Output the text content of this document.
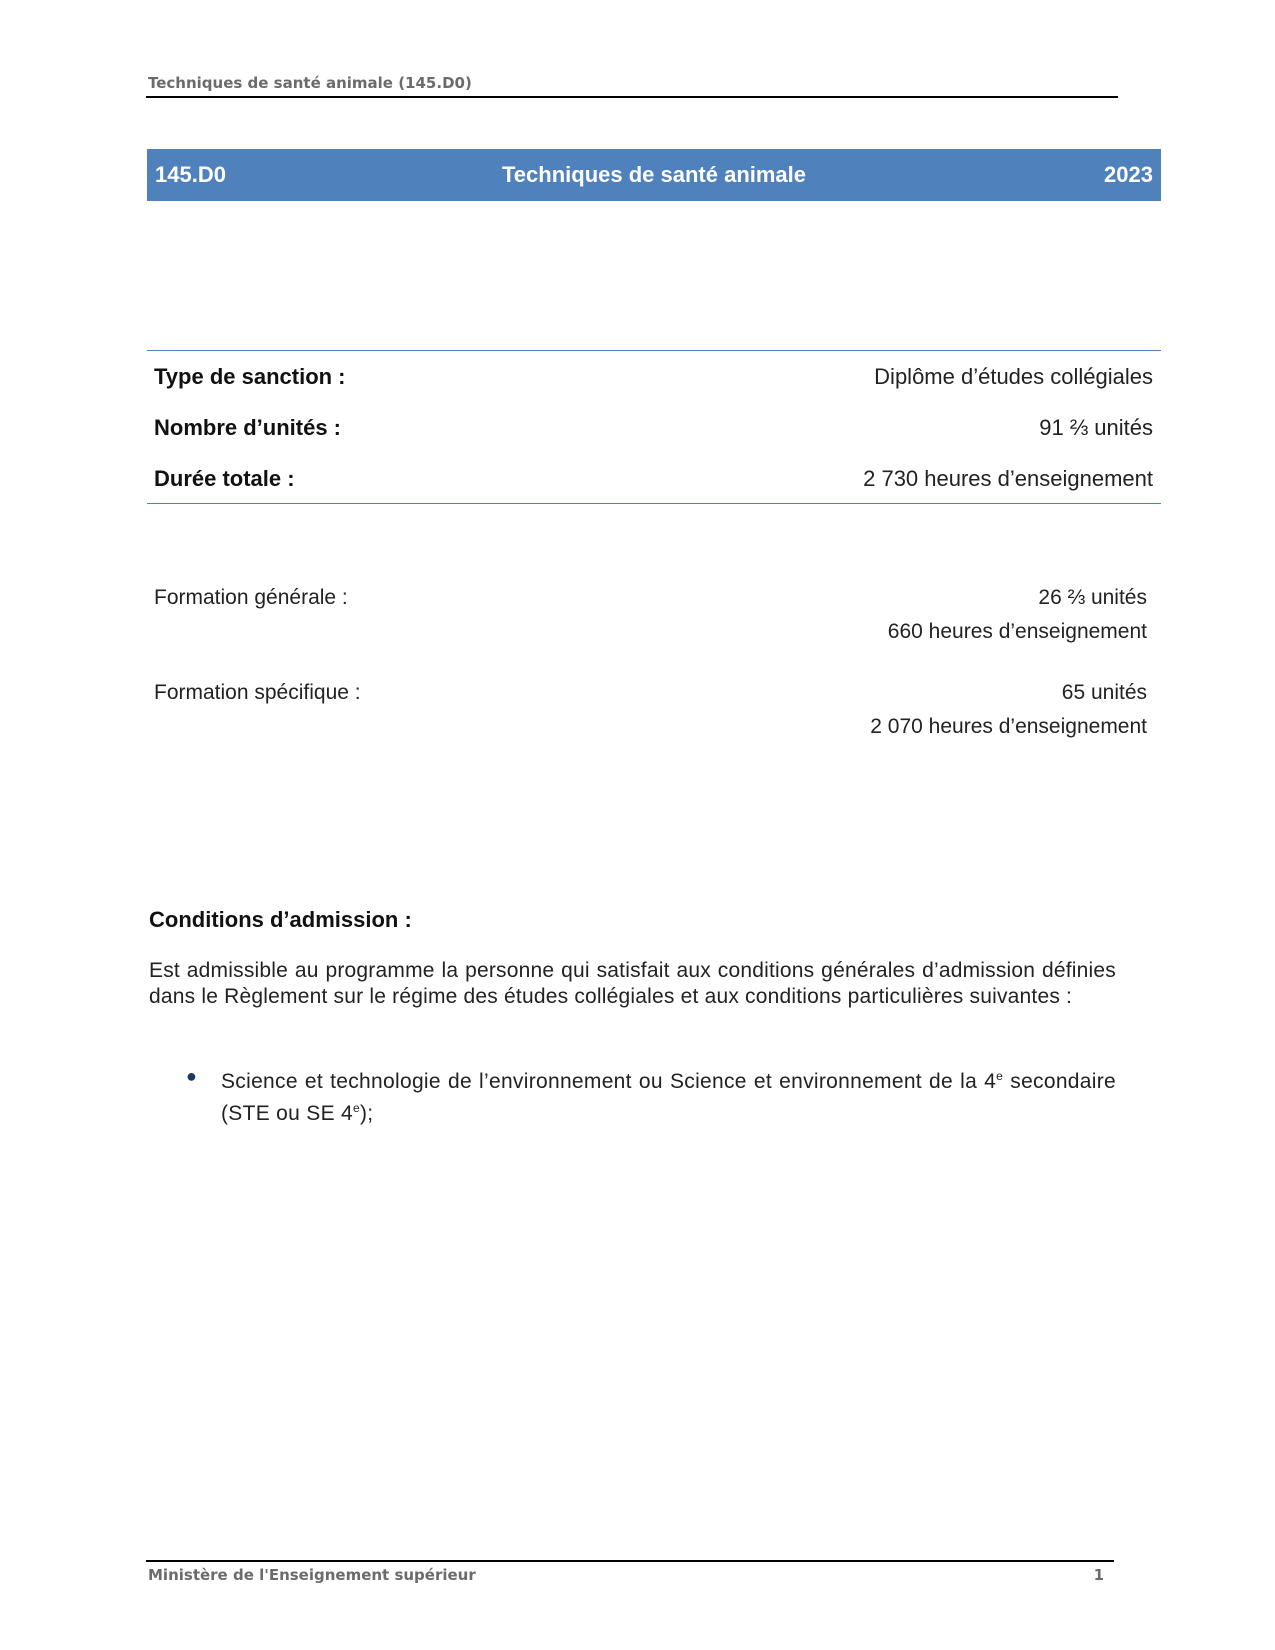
Techniques de santé animale (145.D0)
145.D0	Techniques de santé animale	2023
Type de sanction :	Diplôme d’études collégiales
Nombre d’unités :	91 ⅔ unités
Durée totale :	2 730 heures d’enseignement
Formation générale :	26 ⅔ unités
660 heures d’enseignement
Formation spécifique :	65 unités
2 070 heures d’enseignement
Conditions d’admission :
Est admissible au programme la personne qui satisfait aux conditions générales d’admission définies dans le Règlement sur le régime des études collégiales et aux conditions particulières suivantes :
● Science et technologie de l’environnement ou Science et environnement de la 4e secondaire (STE ou SE 4e);
Ministère de l'Enseignement supérieur	1
